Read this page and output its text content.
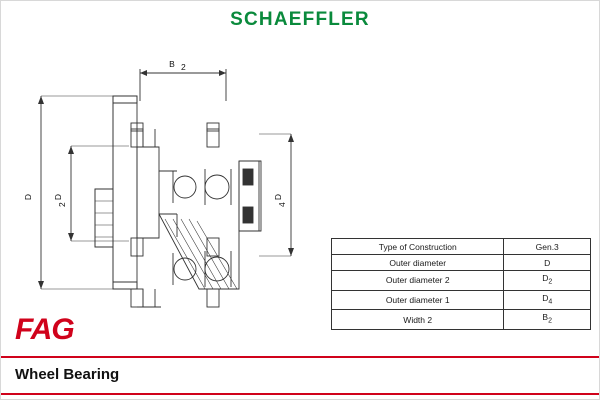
SCHAEFFLER
B 2
D D
2
D
4
Type of Construction	Gen.3
Outer diameter	D
Outer diameter 2	$D_2$
Outer diameter 1	$D_4$
Width 2	$B_2$
FAG
Wheel Bearing
